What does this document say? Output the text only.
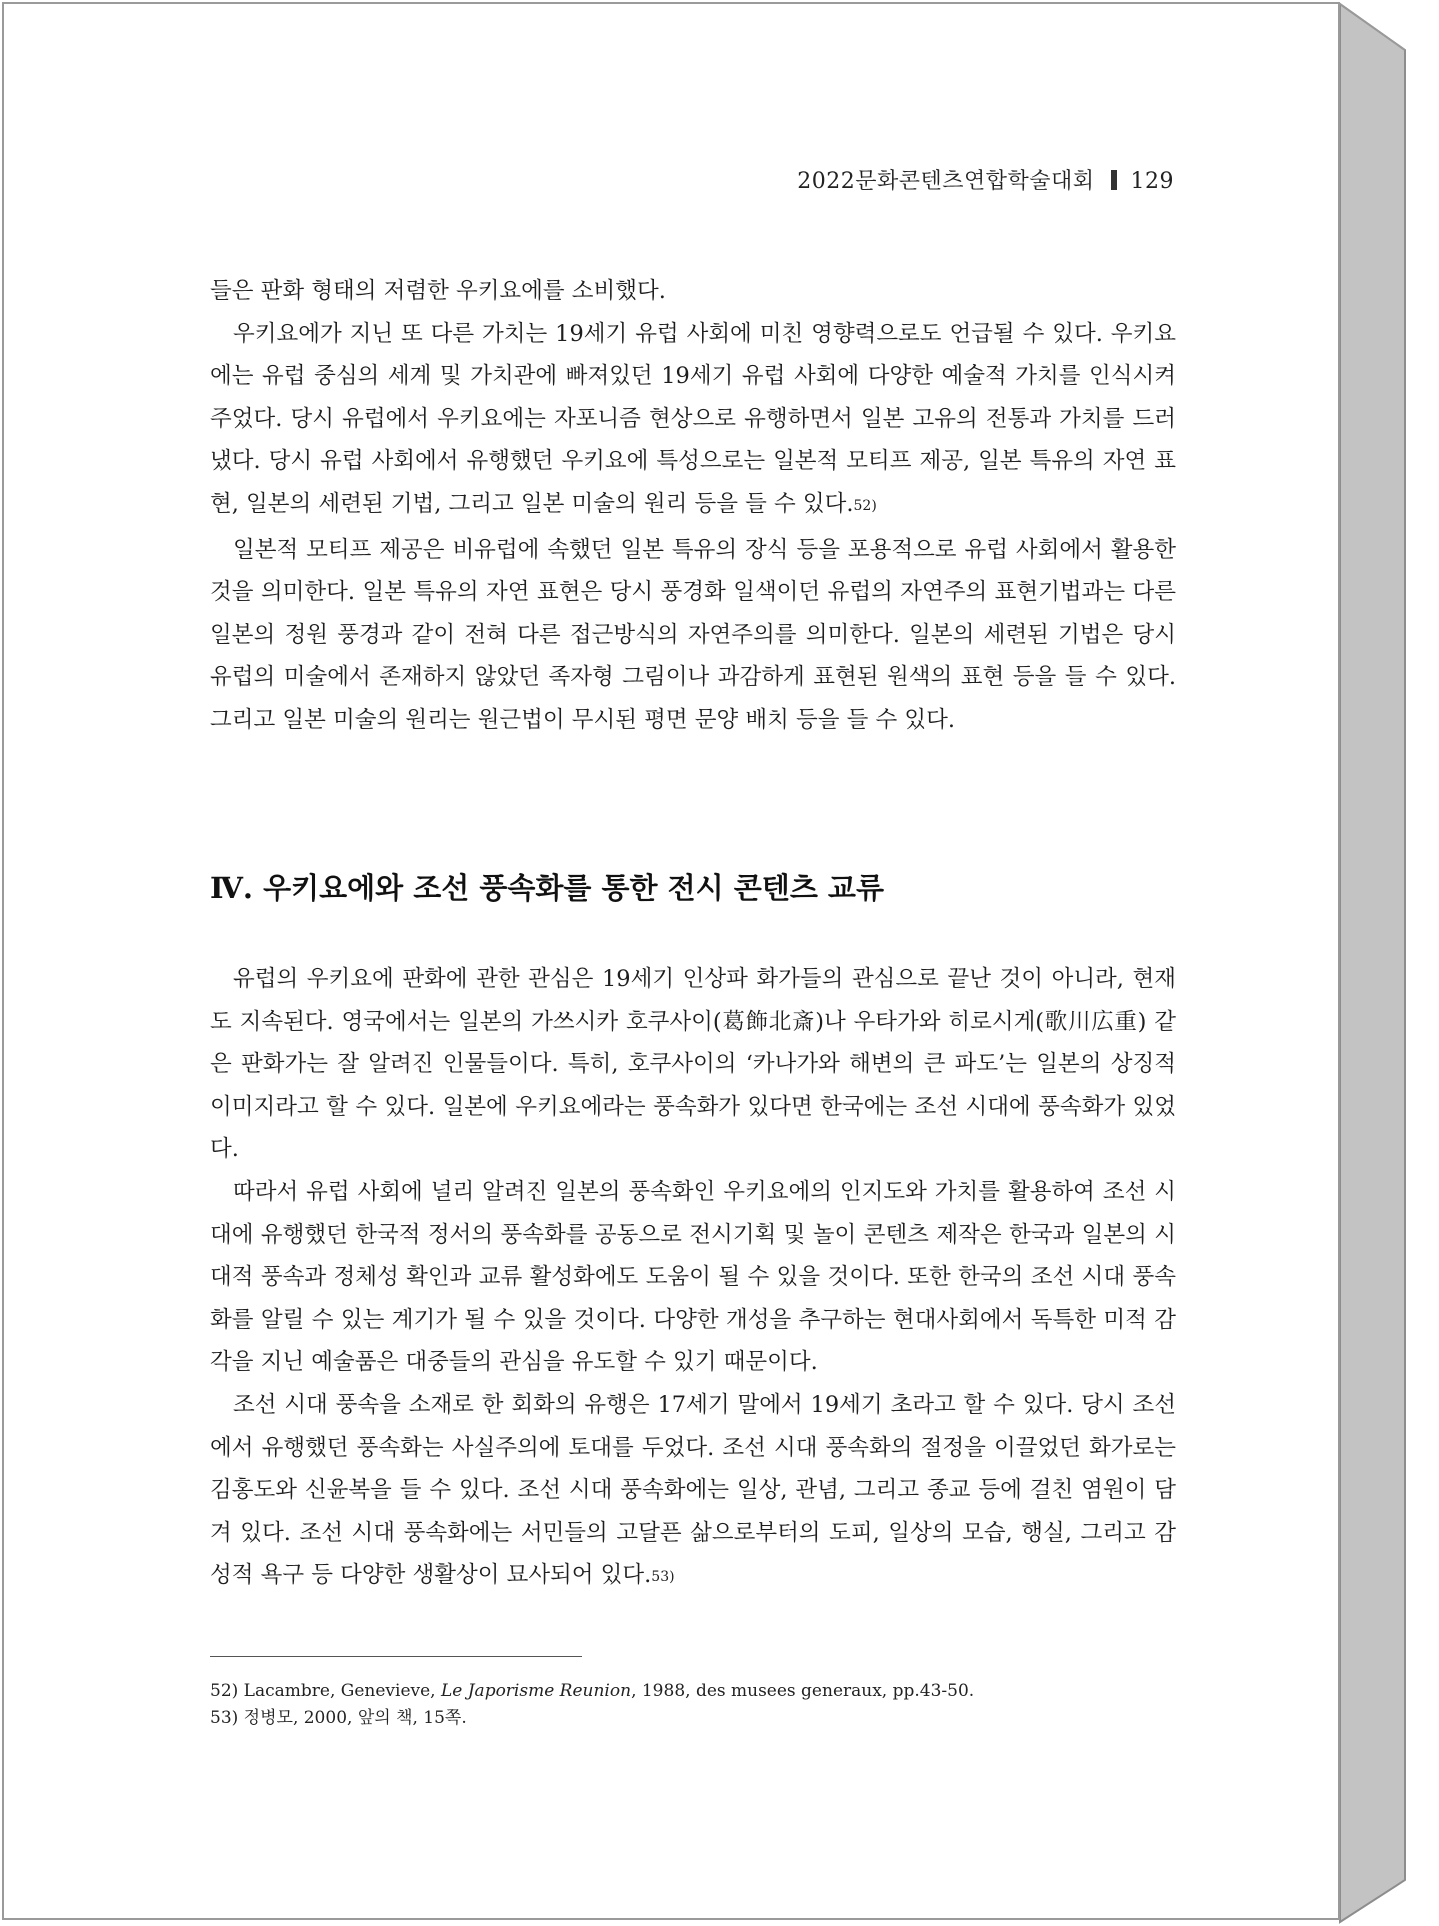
2022문화콘텐츠연합학술대회 129

들은 판화 형태의 저렴한 우키요에를 소비했다.

우키요에가 지닌 또 다른 가치는 19세기 유럽 사회에 미친 영향력으로도 언급될 수 있다. 우키요에는 유럽 중심의 세계 및 가치관에 빠져있던 19세기 유럽 사회에 다양한 예술적 가치를 인식시켜주었다. 당시 유럽에서 우키요에는 자포니즘 현상으로 유행하면서 일본 고유의 전통과 가치를 드러냈다. 당시 유럽 사회에서 유행했던 우키요에 특성으로는 일본적 모티프 제공, 일본 특유의 자연 표현, 일본의 세련된 기법, 그리고 일본 미술의 원리 등을 들 수 있다.52)

일본적 모티프 제공은 비유럽에 속했던 일본 특유의 장식 등을 포용적으로 유럽 사회에서 활용한 것을 의미한다. 일본 특유의 자연 표현은 당시 풍경화 일색이던 유럽의 자연주의 표현기법과는 다른 일본의 정원 풍경과 같이 전혀 다른 접근방식의 자연주의를 의미한다. 일본의 세련된 기법은 당시 유럽의 미술에서 존재하지 않았던 족자형 그림이나 과감하게 표현된 원색의 표현 등을 들 수 있다. 그리고 일본 미술의 원리는 원근법이 무시된 평면 문양 배치 등을 들 수 있다.

Ⅳ. 우키요에와 조선 풍속화를 통한 전시 콘텐츠 교류

유럽의 우키요에 판화에 관한 관심은 19세기 인상파 화가들의 관심으로 끝난 것이 아니라, 현재도 지속된다. 영국에서는 일본의 가쓰시카 호쿠사이(葛飾北斎)나 우타가와 히로시게(歌川広重) 같은 판화가는 잘 알려진 인물들이다. 특히, 호쿠사이의 ‘카나가와 해변의 큰 파도’는 일본의 상징적 이미지라고 할 수 있다. 일본에 우키요에라는 풍속화가 있다면 한국에는 조선 시대에 풍속화가 있었다.

따라서 유럽 사회에 널리 알려진 일본의 풍속화인 우키요에의 인지도와 가치를 활용하여 조선 시대에 유행했던 한국적 정서의 풍속화를 공동으로 전시기획 및 놀이 콘텐츠 제작은 한국과 일본의 시대적 풍속과 정체성 확인과 교류 활성화에도 도움이 될 수 있을 것이다. 또한 한국의 조선 시대 풍속화를 알릴 수 있는 계기가 될 수 있을 것이다. 다양한 개성을 추구하는 현대사회에서 독특한 미적 감각을 지닌 예술품은 대중들의 관심을 유도할 수 있기 때문이다.

조선 시대 풍속을 소재로 한 회화의 유행은 17세기 말에서 19세기 초라고 할 수 있다. 당시 조선에서 유행했던 풍속화는 사실주의에 토대를 두었다. 조선 시대 풍속화의 절정을 이끌었던 화가로는 김홍도와 신윤복을 들 수 있다. 조선 시대 풍속화에는 일상, 관념, 그리고 종교 등에 걸친 염원이 담겨 있다. 조선 시대 풍속화에는 서민들의 고달픈 삶으로부터의 도피, 일상의 모습, 행실, 그리고 감성적 욕구 등 다양한 생활상이 묘사되어 있다.53)

52) Lacambre, Genevieve, Le Japorisme Reunion, 1988, des musees generaux, pp.43-50.

53) 정병모, 2000, 앞의 책, 15쪽.
